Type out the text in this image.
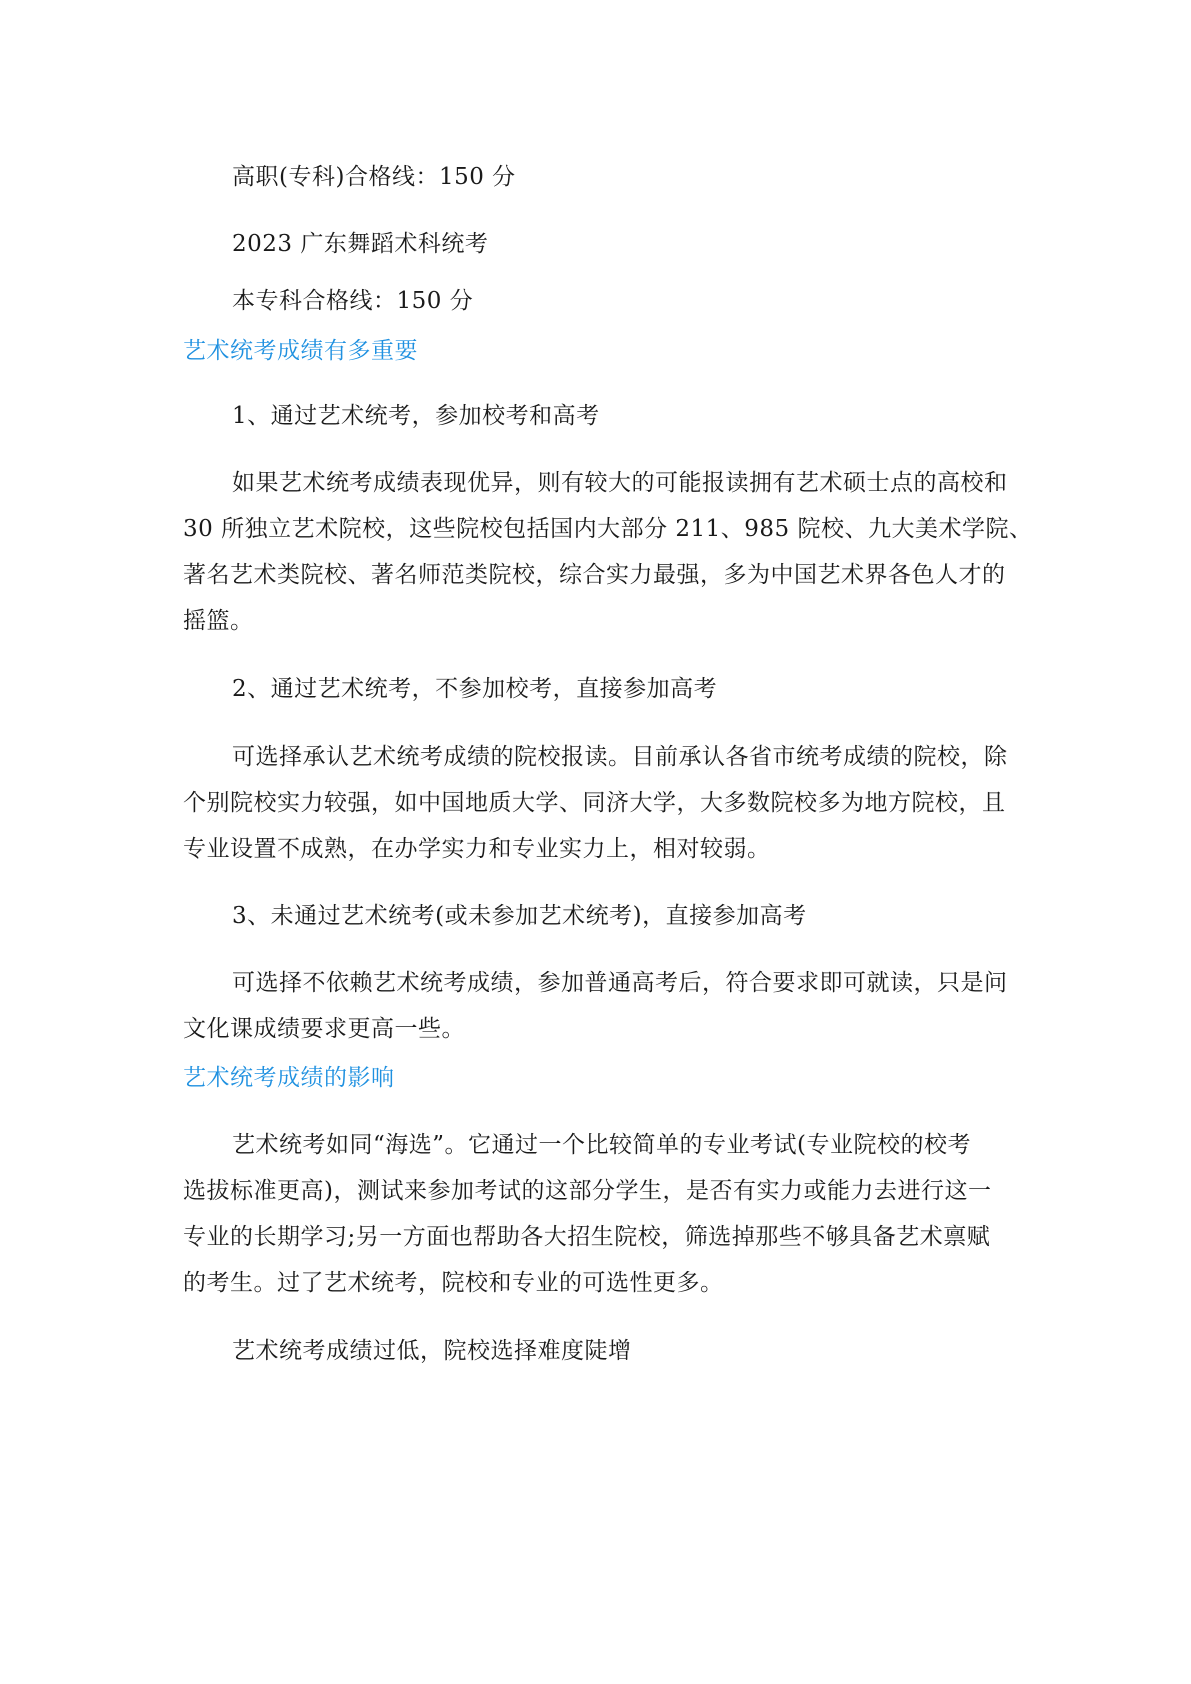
高职(专科)合格线：150 分
2023 广东舞蹈术科统考
本专科合格线：150 分
艺术统考成绩有多重要
1、通过艺术统考，参加校考和高考
如果艺术统考成绩表现优异，则有较大的可能报读拥有艺术硕士点的高校和
30 所独立艺术院校，这些院校包括国内大部分 211、985 院校、九大美术学院、
著名艺术类院校、著名师范类院校，综合实力最强，多为中国艺术界各色人才的
摇篮。
2、通过艺术统考，不参加校考，直接参加高考
可选择承认艺术统考成绩的院校报读。目前承认各省市统考成绩的院校，除
个别院校实力较强，如中国地质大学、同济大学，大多数院校多为地方院校，且
专业设置不成熟，在办学实力和专业实力上，相对较弱。
3、未通过艺术统考(或未参加艺术统考)，直接参加高考
可选择不依赖艺术统考成绩，参加普通高考后，符合要求即可就读，只是问
文化课成绩要求更高一些。
艺术统考成绩的影响
艺术统考如同“海选”。它通过一个比较简单的专业考试(专业院校的校考
选拔标准更高)，测试来参加考试的这部分学生，是否有实力或能力去进行这一
专业的长期学习;另一方面也帮助各大招生院校，筛选掉那些不够具备艺术禀赋
的考生。过了艺术统考，院校和专业的可选性更多。
艺术统考成绩过低，院校选择难度陡增
